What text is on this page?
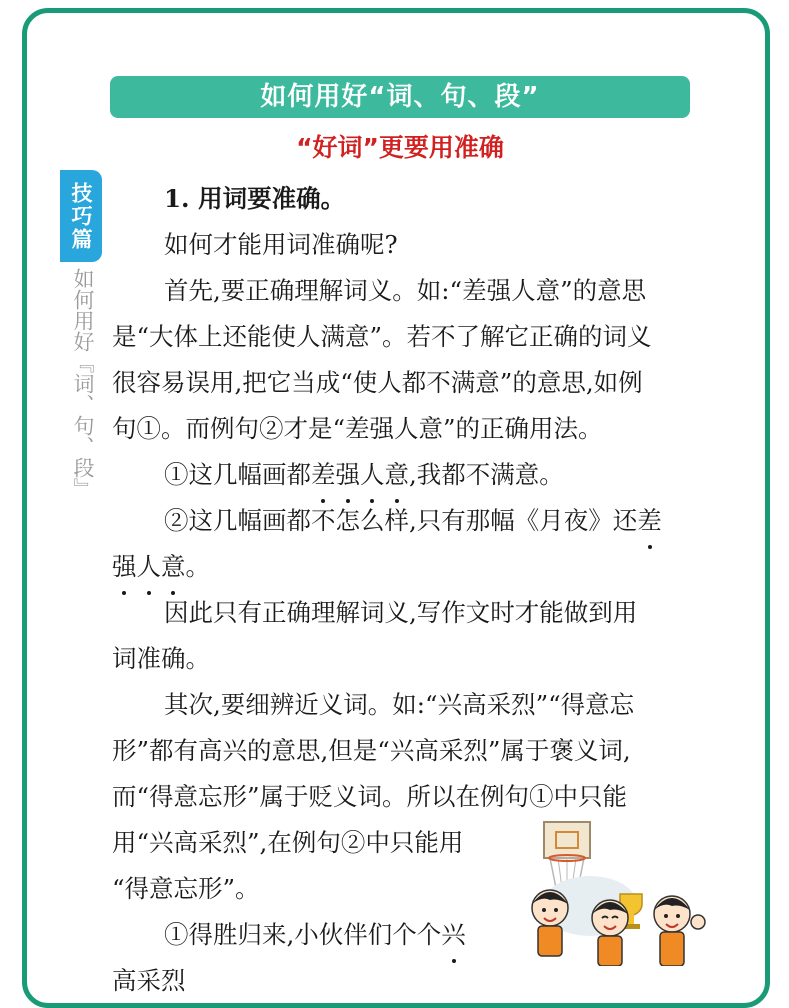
如何用好“词、句、段”
“好词”更要用准确
技巧篇
如何用好『词、句、段』
1. 用词要准确。
如何才能用词准确呢?
首先,要正确理解词义。如:“差强人意”的意思
是“大体上还能使人满意”。若不了解它正确的词义
很容易误用,把它当成“使人都不满意”的意思,如例
句①。而例句②才是“差强人意”的正确用法。
①这几幅画都差强人意,我都不满意。
②这几幅画都不怎么样,只有那幅《月夜》还差
强人意。
因此只有正确理解词义,写作文时才能做到用
词准确。
其次,要细辨近义词。如:“兴高采烈”“得意忘
形”都有高兴的意思,但是“兴高采烈”属于褒义词,
而“得意忘形”属于贬义词。所以在例句①中只能
用“兴高采烈”,在例句②中只能用
“得意忘形”。
①得胜归来,小伙伴们个个兴
高采烈
